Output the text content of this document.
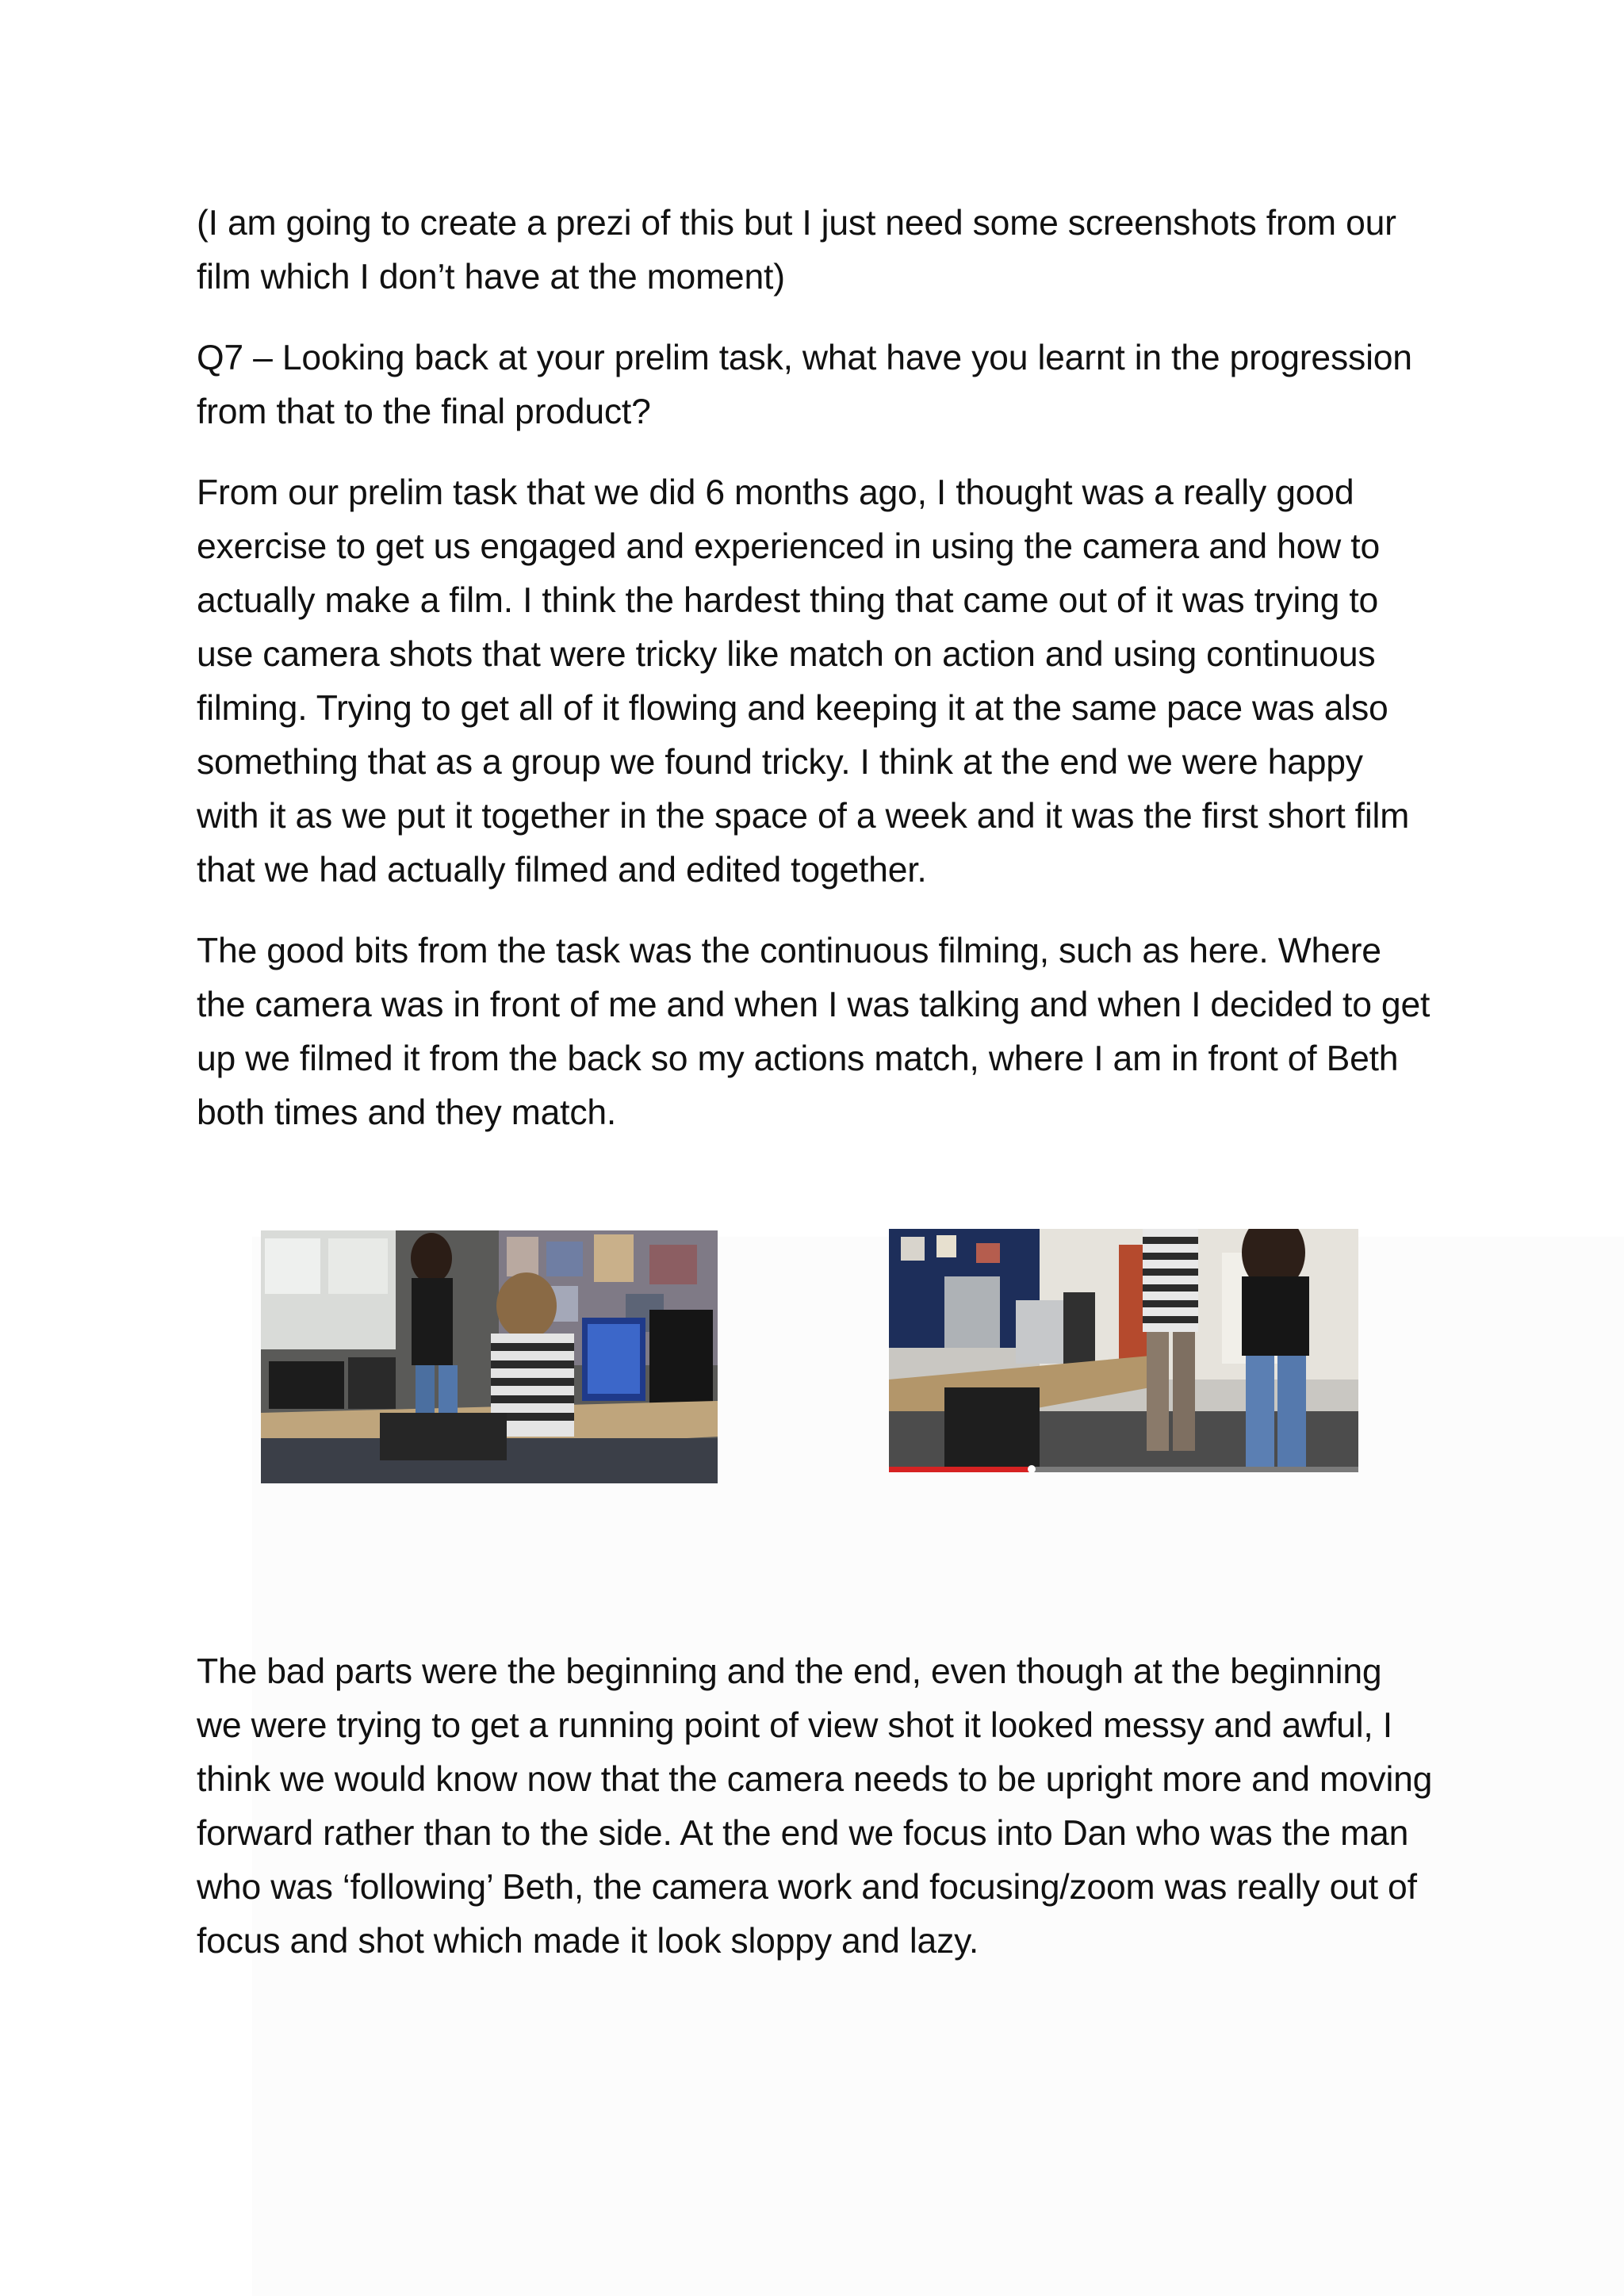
(I am going to create a prezi of this but I just need some screenshots from our film which I don’t have at the moment)

Q7 – Looking back at your prelim task, what have you learnt in the progression from that to the final product?

From our prelim task that we did 6 months ago, I thought was a really good exercise to get us engaged and experienced in using the camera and how to actually make a film. I think the hardest thing that came out of it was trying to use camera shots that were tricky like match on action and using continuous filming. Trying to get all of it flowing and keeping it at the same pace was also something that as a group we found tricky. I think at the end we were happy with it as we put it together in the space of a week and it was the first short film that we had actually filmed and edited together.

The good bits from the task was the continuous filming, such as here. Where the camera was in front of me and when I was talking and when I decided to get up we filmed it from the back so my actions match, where I am in front of Beth both times and they match.

The bad parts were the beginning and the end, even though at the beginning we were trying to get a running point of view shot it looked messy and awful, I think we would know now that the camera needs to be upright more and moving forward rather than to the side. At the end we focus into Dan who was the man who was ‘following’ Beth, the camera work and focusing/zoom was really out of focus and shot which made it look sloppy and lazy.
